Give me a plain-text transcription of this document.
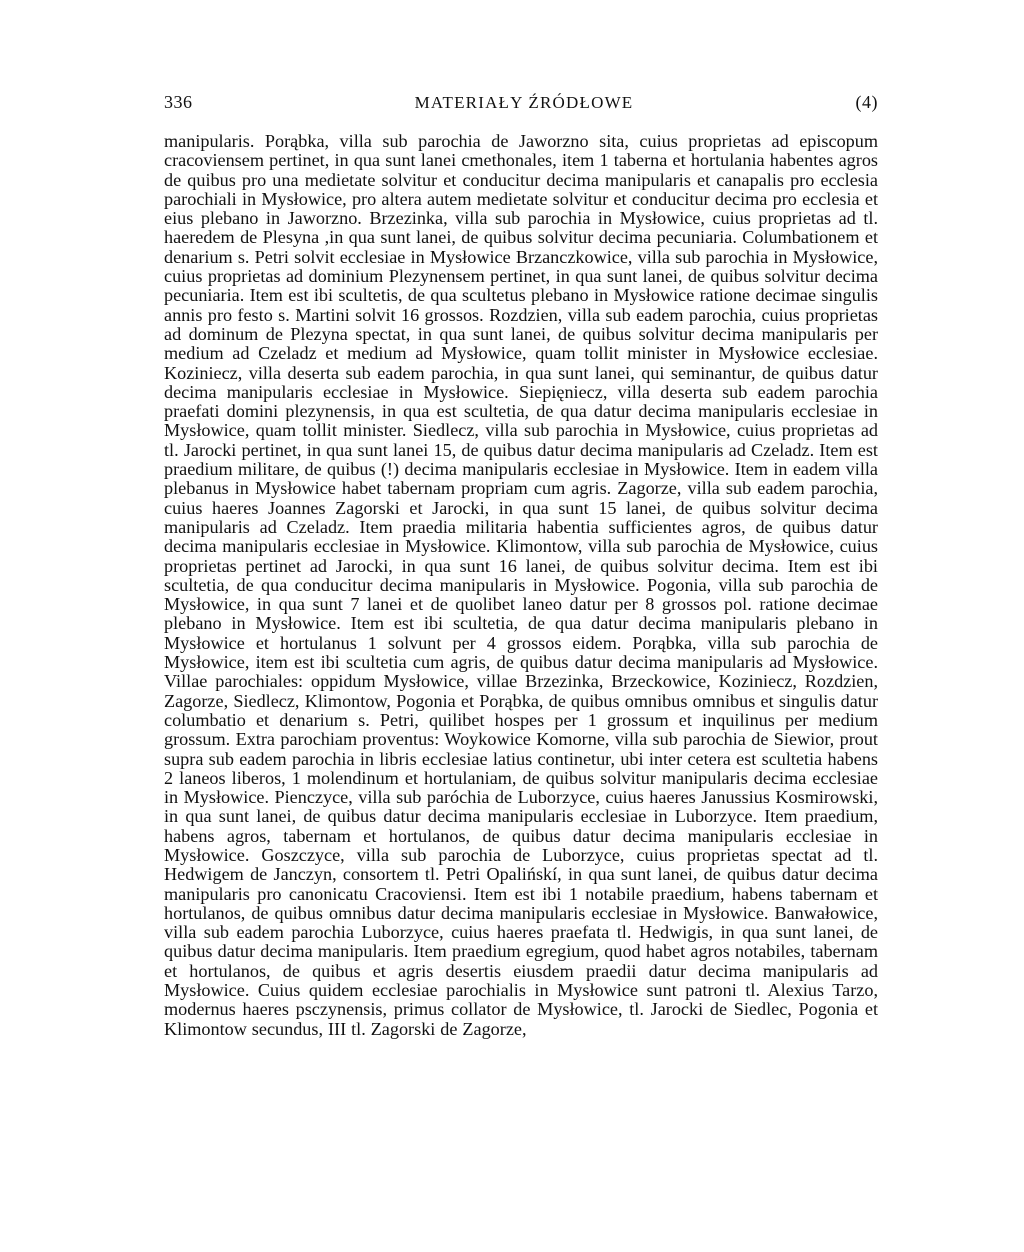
336	MATERIAŁY ŹRÓDŁOWE	(4)
manipularis. Porąbka, villa sub parochia de Jaworzno sita, cuius proprietas ad episcopum cracoviensem pertinet, in qua sunt lanei cmethonales, item 1 taberna et hortulania habentes agros de quibus pro una medietate solvitur et conducitur decima manipularis et canapalis pro ecclesia parochiali in Mysłowice, pro altera autem medietate solvitur et conducitur decima pro ecclesia et eius plebano in Jaworzno. Brzezinka, villa sub parochia in Mysłowice, cuius proprietas ad tl. haeredem de Plesyna ,in qua sunt lanei, de quibus solvitur decima pecuniaria. Columbationem et denarium s. Petri solvit ecclesiae in Mysłowice Brzanczkowice, villa sub parochia in Mysłowice, cuius proprietas ad dominium Plezynensem pertinet, in qua sunt lanei, de quibus solvitur decima pecuniaria. Item est ibi scultetis, de qua scultetus plebano in Mysłowice ratione decimae singulis annis pro festo s. Martini solvit 16 grossos. Rozdzien, villa sub eadem parochia, cuius proprietas ad dominum de Plezyna spectat, in qua sunt lanei, de quibus solvitur decima manipularis per medium ad Czeladz et medium ad Mysłowice, quam tollit minister in Mysłowice ecclesiae. Koziniecz, villa deserta sub eadem parochia, in qua sunt lanei, qui seminantur, de quibus datur decima manipularis ecclesiae in Mysłowice. Siepięniecz, villa deserta sub eadem parochia praefati domini plezynensis, in qua est scultetia, de qua datur decima manipularis ecclesiae in Mysłowice, quam tollit minister. Siedlecz, villa sub parochia in Mysłowice, cuius proprietas ad tl. Jarocki pertinet, in qua sunt lanei 15, de quibus datur decima manipularis ad Czeladz. Item est praedium militare, de quibus (!) decima manipularis ecclesiae in Mysłowice. Item in eadem villa plebanus in Mysłowice habet tabernam propriam cum agris. Zagorze, villa sub eadem parochia, cuius haeres Joannes Zagorski et Jarocki, in qua sunt 15 lanei, de quibus solvitur decima manipularis ad Czeladz. Item praedia militaria habentia sufficientes agros, de quibus datur decima manipularis ecclesiae in Mysłowice. Klimontow, villa sub parochia de Mysłowice, cuius proprietas pertinet ad Jarocki, in qua sunt 16 lanei, de quibus solvitur decima. Item est ibi scultetia, de qua conducitur decima manipularis in Mysłowice. Pogonia, villa sub parochia de Mysłowice, in qua sunt 7 lanei et de quolibet laneo datur per 8 grossos pol. ratione decimae plebano in Mysłowice. Item est ibi scultetia, de qua datur decima manipularis plebano in Mysłowice et hortulanus 1 solvunt per 4 grossos eidem. Porąbka, villa sub parochia de Mysłowice, item est ibi scultetia cum agris, de quibus datur decima manipularis ad Mysłowice. Villae parochiales: oppidum Mysłowice, villae Brzezinka, Brzeckowice, Koziniecz, Rozdzien, Zagorze, Siedlecz, Klimontow, Pogonia et Porąbka, de quibus omnibus omnibus et singulis datur columbatio et denarium s. Petri, quilibet hospes per 1 grossum et inquilinus per medium grossum. Extra parochiam proventus: Woykowice Komorne, villa sub parochia de Siewior, prout supra sub eadem parochia in libris ecclesiae latius continetur, ubi inter cetera est scultetia habens 2 laneos liberos, 1 molendinum et hortulaniam, de quibus solvitur manipularis decima ecclesiae in Mysłowice. Pienczyce, villa sub paróchia de Luborzyce, cuius haeres Janussius Kosmirowski, in qua sunt lanei, de quibus datur decima manipularis ecclesiae in Luborzyce. Item praedium, habens agros, tabernam et hortulanos, de quibus datur decima manipularis ecclesiae in Mysłowice. Goszczyce, villa sub parochia de Luborzyce, cuius proprietas spectat ad tl. Hedwigem de Janczyn, consortem tl. Petri Opalińskí, in qua sunt lanei, de quibus datur decima manipularis pro canonicatu Cracoviensi. Item est ibi 1 notabile praedium, habens tabernam et hortulanos, de quibus omnibus datur decima manipularis ecclesiae in Mysłowice. Banwałowice, villa sub eadem parochia Luborzyce, cuius haeres praefata tl. Hedwigis, in qua sunt lanei, de quibus datur decima manipularis. Item praedium egregium, quod habet agros notabiles, tabernam et hortulanos, de quibus et agris desertis eiusdem praedii datur decima manipularis ad Mysłowice. Cuius quidem ecclesiae parochialis in Mysłowice sunt patroni tl. Alexius Tarzo, modernus haeres psczynensis, primus collator de Mysłowice, tl. Jarocki de Siedlec, Pogonia et Klimontow secundus, III tl. Zagorski de Zagorze,
